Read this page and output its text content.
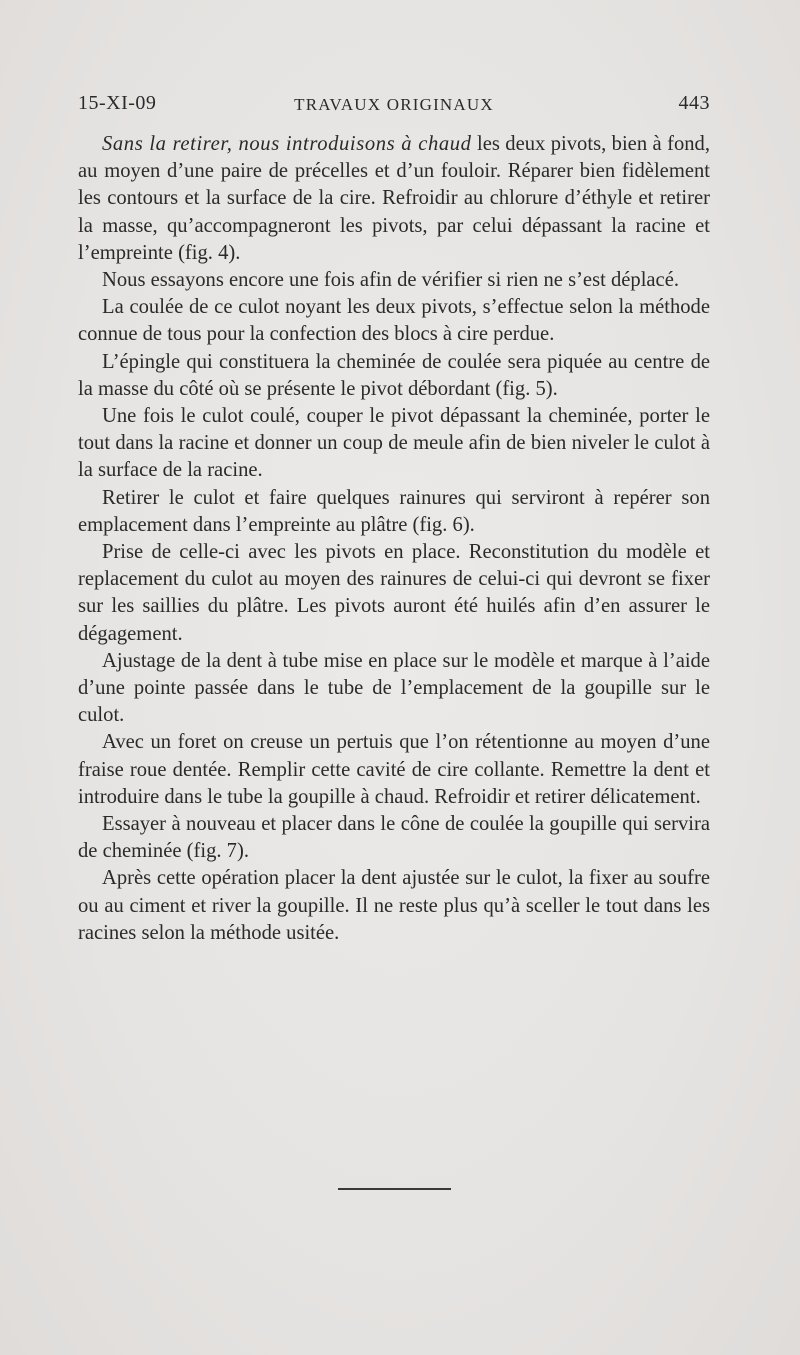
15-XI-09	TRAVAUX ORIGINAUX	443

Sans la retirer, nous introduisons à chaud les deux pivots, bien à fond, au moyen d’une paire de précelles et d’un fouloir. Réparer bien fidèlement les contours et la surface de la cire. Refroidir au chlorure d’éthyle et retirer la masse, qu’accompagneront les pivots, par celui dépassant la racine et l’empreinte (fig. 4).

Nous essayons encore une fois afin de vérifier si rien ne s’est déplacé.

La coulée de ce culot noyant les deux pivots, s’effectue selon la méthode connue de tous pour la confection des blocs à cire perdue.

L’épingle qui constituera la cheminée de coulée sera piquée au centre de la masse du côté où se présente le pivot débordant (fig. 5).

Une fois le culot coulé, couper le pivot dépassant la cheminée, porter le tout dans la racine et donner un coup de meule afin de bien niveler le culot à la surface de la racine.

Retirer le culot et faire quelques rainures qui serviront à repérer son emplacement dans l’empreinte au plâtre (fig. 6).

Prise de celle-ci avec les pivots en place. Reconstitution du modèle et replacement du culot au moyen des rainures de celui-ci qui devront se fixer sur les saillies du plâtre. Les pivots auront été huilés afin d’en assurer le dégagement.

Ajustage de la dent à tube mise en place sur le modèle et marque à l’aide d’une pointe passée dans le tube de l’emplacement de la goupille sur le culot.

Avec un foret on creuse un pertuis que l’on rétentionne au moyen d’une fraise roue dentée. Remplir cette cavité de cire collante. Remettre la dent et introduire dans le tube la goupille à chaud. Refroidir et retirer délicatement.

Essayer à nouveau et placer dans le cône de coulée la goupille qui servira de cheminée (fig. 7).

Après cette opération placer la dent ajustée sur le culot, la fixer au soufre ou au ciment et river la goupille. Il ne reste plus qu’à sceller le tout dans les racines selon la méthode usitée.
